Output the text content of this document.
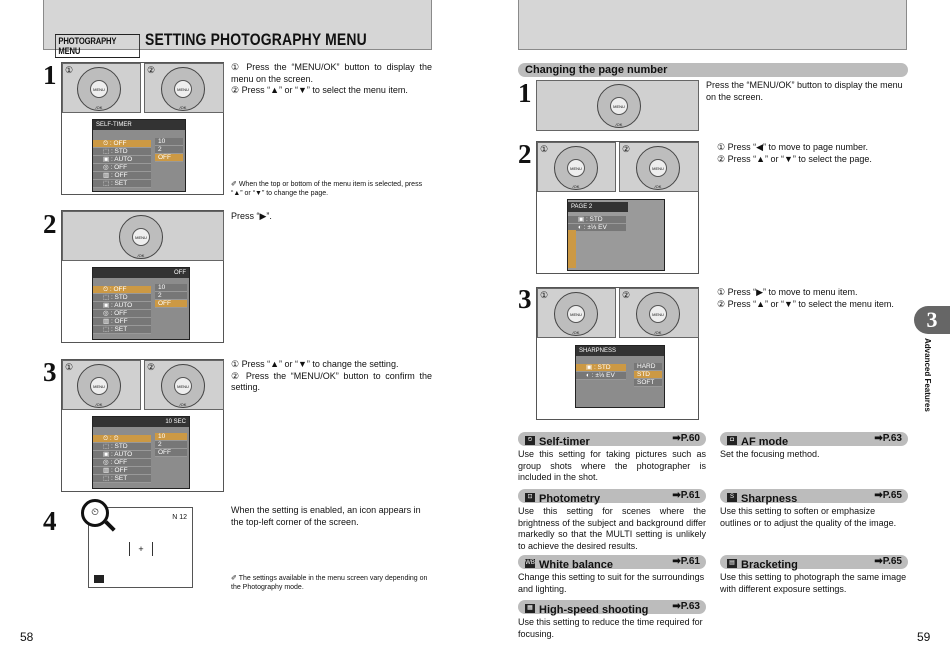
PHOTOGRAPHY MENU
SETTING PHOTOGRAPHY MENU
1	MENU /OK
①
MENU /OK
②
SELF-TIMER
⏲ : OFF
⬚ : STD
▣ : AUTO
◎ : OFF
▥ : OFF
⬚ : SET
10
2
OFF
① Press the “MENU/OK” button to display the menu on the screen.
② Press “▲” or “▼” to select the menu item.
✐ When the top or bottom of the menu item is selected, press “▲” or “▼” to change the page.
2	MENU /OK
OFF
⏲ : OFF
⬚ : STD
▣ : AUTO
◎ : OFF
▥ : OFF
⬚ : SET
10
2
OFF
Press “▶”.
3	MENU /OK
①
MENU /OK
②
10 SEC
⏲ : ⏲
⬚ : STD
▣ : AUTO
◎ : OFF
▥ : OFF
⬚ : SET
10
2
OFF
① Press “▲” or “▼” to change the setting.
② Press the “MENU/OK” button to confirm the setting.
4	N 12
+
⏲	When the setting is enabled, an icon appears in the top-left corner of the screen.
✐ The settings available in the menu screen vary depending on the Photography mode.
58
Changing the page number
1	MENU /OK
Press the “MENU/OK” button to display the menu on the screen.
2	MENU /OK
①
MENU /OK
②
PAGE 2
▣ : STD
◐ : ±⅓ EV
① Press “◀” to move to page number.
② Press “▲” or “▼” to select the page.
3
MENU /OK
①
MENU /OK
②
SHARPNESS
▣ : STD
◐ : ±⅓ EV
HARD
STD
SOFT
① Press “▶” to move to menu item.
② Press “▲” or “▼” to select the menu item.
⏲ Self-timer	➡P.60
Use this setting for taking pictures such as group shots where the photographer is included in the shot.
◘ AF mode	➡P.63
Set the focusing method.
⊡ Photometry	➡P.61
Use this setting for scenes where the brightness of the subject and background differ markedly so that the MULTI setting is unlikely to achieve the desired results.
S Sharpness	➡P.65
Use this setting to soften or emphasize outlines or to adjust the quality of the image.
WB White balance	➡P.61
Change this setting to suit for the surroundings and lighting.
▤ Bracketing	➡P.65
Use this setting to photograph the same image with different exposure settings.
▦ High-speed shooting ➡P.63
Use this setting to reduce the time required for focusing.
3
Advanced Features
59
